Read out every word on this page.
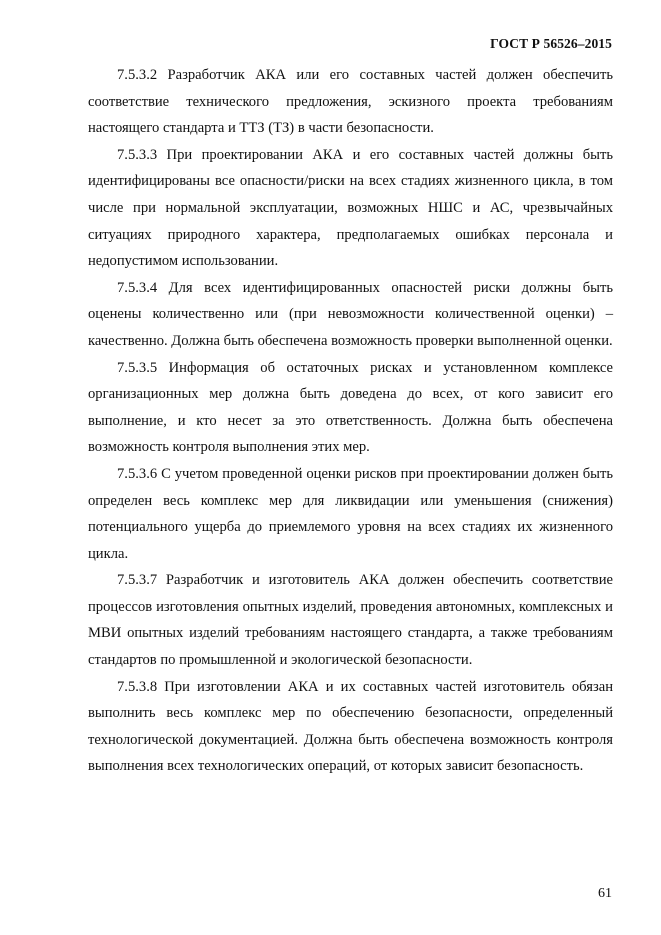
ГОСТ Р 56526–2015

7.5.3.2 Разработчик АКА или его составных частей должен обеспечить соответствие технического предложения, эскизного проекта требованиям настоящего стандарта и ТТЗ (ТЗ) в части безопасности.

7.5.3.3 При проектировании АКА и его составных частей должны быть идентифицированы все опасности/риски на всех стадиях жизненного цикла, в том числе при нормальной эксплуатации, возможных НШС и АС, чрезвычайных ситуациях природного характера, предполагаемых ошибках персонала и недопустимом использовании.

7.5.3.4 Для всех идентифицированных опасностей риски должны быть оценены количественно или (при невозможности количественной оценки) – качественно. Должна быть обеспечена возможность проверки выполненной оценки.

7.5.3.5 Информация об остаточных рисках и установленном комплексе организационных мер должна быть доведена до всех, от кого зависит его выполнение, и кто несет за это ответственность. Должна быть обеспечена возможность контроля выполнения этих мер.

7.5.3.6 С учетом проведенной оценки рисков при проектировании должен быть определен весь комплекс мер для ликвидации или уменьшения (снижения) потенциального ущерба до приемлемого уровня на всех стадиях их жизненного цикла.

7.5.3.7 Разработчик и изготовитель АКА должен обеспечить соответствие процессов изготовления опытных изделий, проведения автономных, комплексных и МВИ опытных изделий требованиям настоящего стандарта, а также требованиям стандартов по промышленной и экологической безопасности.

7.5.3.8 При изготовлении АКА и их составных частей изготовитель обязан выполнить весь комплекс мер по обеспечению безопасности, определенный технологической документацией. Должна быть обеспечена возможность контроля выполнения всех технологических операций, от которых зависит безопасность.

61
